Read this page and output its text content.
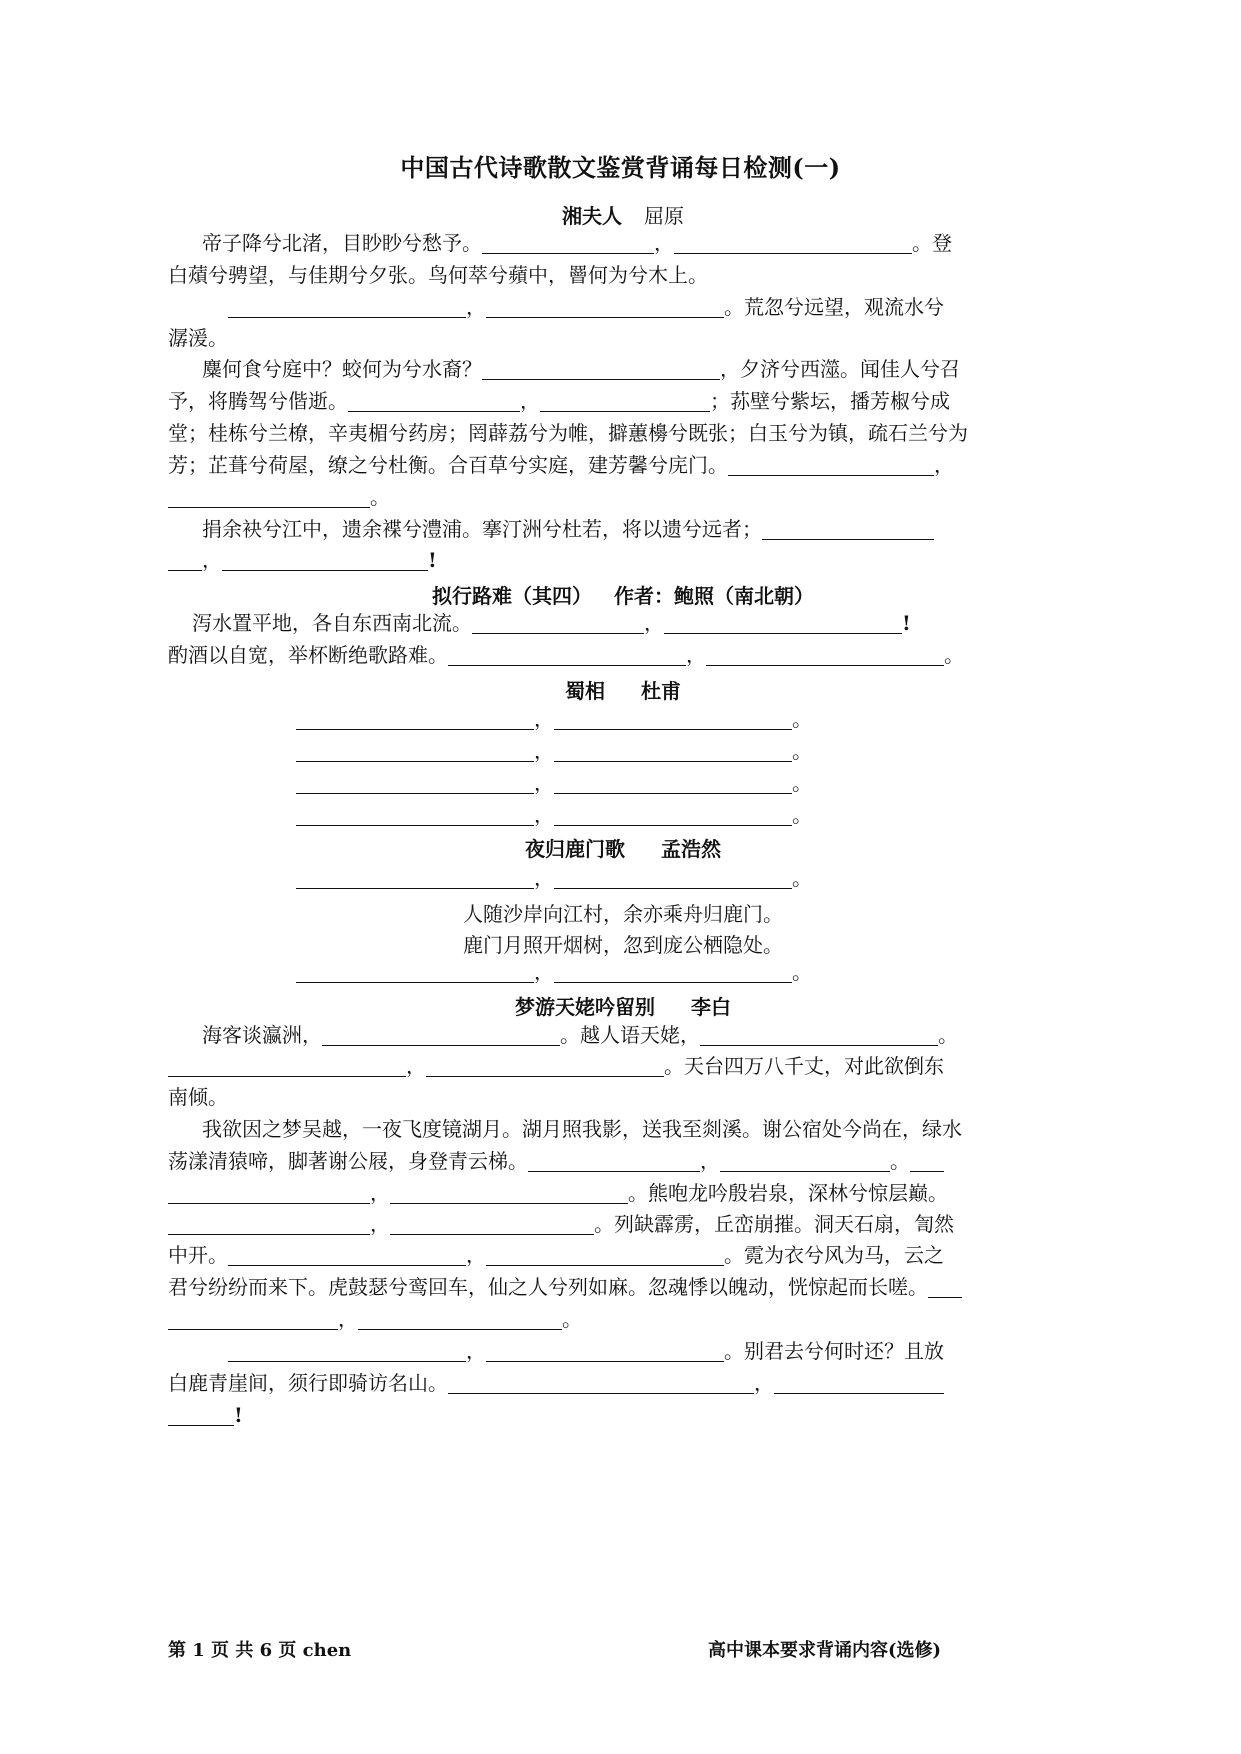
中国古代诗歌散文鉴赏背诵每日检测(一)
湘夫人 屈原
帝子降兮北渚，目眇眇兮愁予。	，	。登
白薠兮骋望，与佳期兮夕张。鸟何萃兮蘋中，罾何为兮木上。
，	。荒忽兮远望，观流水兮
潺湲。
麋何食兮庭中？蛟何为兮水裔？	，夕济兮西澨。闻佳人兮召
予，将腾驾兮偕逝。	，	；荪壁兮紫坛，播芳椒兮成
堂；桂栋兮兰橑，辛夷楣兮药房；罔薜荔兮为帷，擗蕙櫋兮既张；白玉兮为镇，疏石兰兮为
芳；芷葺兮荷屋，缭之兮杜衡。合百草兮实庭，建芳馨兮庑门。	，
。
捐余袂兮江中，遗余褋兮澧浦。搴汀洲兮杜若，将以遗兮远者；
，	!
拟行路难（其四） 作者：鲍照（南北朝）
泻水置平地，各自东西南北流。	，	!
酌酒以自宽，举杯断绝歌路难。	，	。
蜀相 杜甫
，	。
，	。
，	。
，	。
夜归鹿门歌 孟浩然
，	。
人随沙岸向江村，余亦乘舟归鹿门。
鹿门月照开烟树，忽到庞公栖隐处。
，	。
梦游天姥吟留别 李白
海客谈瀛洲，	。越人语天姥，	。
，	。天台四万八千丈，对此欲倒东
南倾。
我欲因之梦吴越，一夜飞度镜湖月。湖月照我影，送我至剡溪。谢公宿处今尚在，绿水
荡漾清猿啼，脚著谢公屐，身登青云梯。	，	。
，	。熊咆龙吟殷岩泉，深林兮惊层巅。
，	。列缺霹雳，丘峦崩摧。洞天石扇，訇然
中开。	，	。霓为衣兮风为马，云之
君兮纷纷而来下。虎鼓瑟兮鸾回车，仙之人兮列如麻。忽魂悸以魄动，恍惊起而长嗟。
，	。
，	。别君去兮何时还？且放
白鹿青崖间，须行即骑访名山。	，
!
第 1 页 共 6 页 chen	高中课本要求背诵内容(选修)
